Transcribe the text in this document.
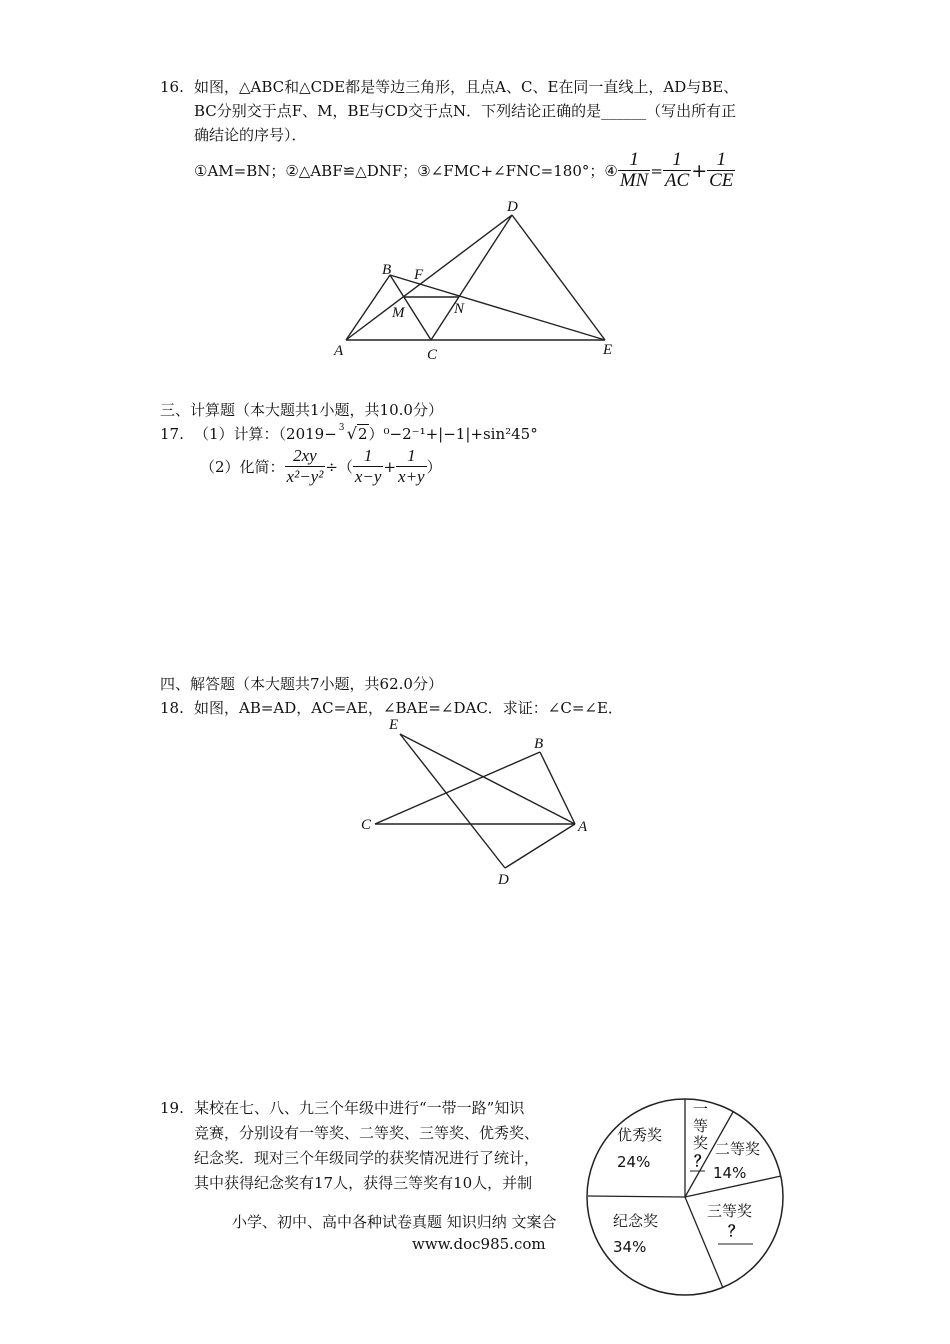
16. 如图，△ABC和△CDE都是等边三角形，且点A、C、E在同一直线上，AD与BE、
BC分别交于点F、M，BE与CD交于点N．下列结论正确的是______（写出所有正
确结论的序号）．
①AM=BN；②△ABF≌△DNF；③∠FMC+∠FNC=180°；④ $\frac{1}{MN} = \frac{1}{AC} + \frac{1}{CE}$
A
B
C
D
E
F
M	N
三、计算题（本大题共1小题，共10.0分）
17. （1）计算：（2019− 3 √2 ）⁰−2⁻¹+|−1|+sin²45°
（2）化简： $\frac{2xy}{\text{x²−y²}}$ ÷（ $\frac{1}{x-y} + \frac{1}{x+y}$ ）
四、解答题（本大题共7小题，共62.0分）
18. 如图，AB=AD，AC=AE，∠BAE=∠DAC．求证：∠C=∠E．
E
B
C	A
D
19. 某校在七、八、九三个年级中进行“一带一路”知识
竞赛，分别设有一等奖、二等奖、三等奖、优秀奖、
纪念奖．现对三个年级同学的获奖情况进行了统计，
其中获得纪念奖有17人，获得三等奖有10人，并制
一
等
奖
？
二等奖
14%
三等奖
？
纪念奖
34%
优秀奖
24%
小学、初中、高中各种试卷真题 知识归纳 文案合
www.doc985.com
